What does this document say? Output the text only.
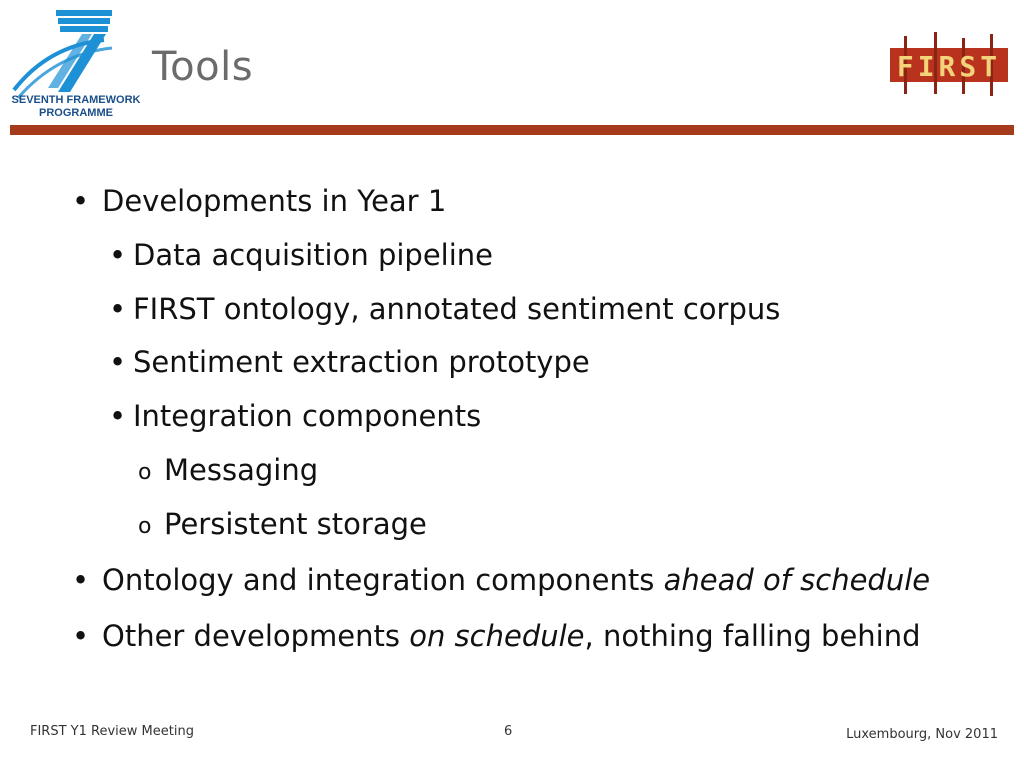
SEVENTH FRAMEWORK
PROGRAMME
Tools	FIRST
• Developments in Year 1
• Data acquisition pipeline
• FIRST ontology, annotated sentiment corpus
• Sentiment extraction prototype
• Integration components
o Messaging
o Persistent storage
• Ontology and integration components ahead of schedule
• Other developments on schedule, nothing falling behind
FIRST Y1 Review Meeting	6	Luxembourg, Nov 2011
